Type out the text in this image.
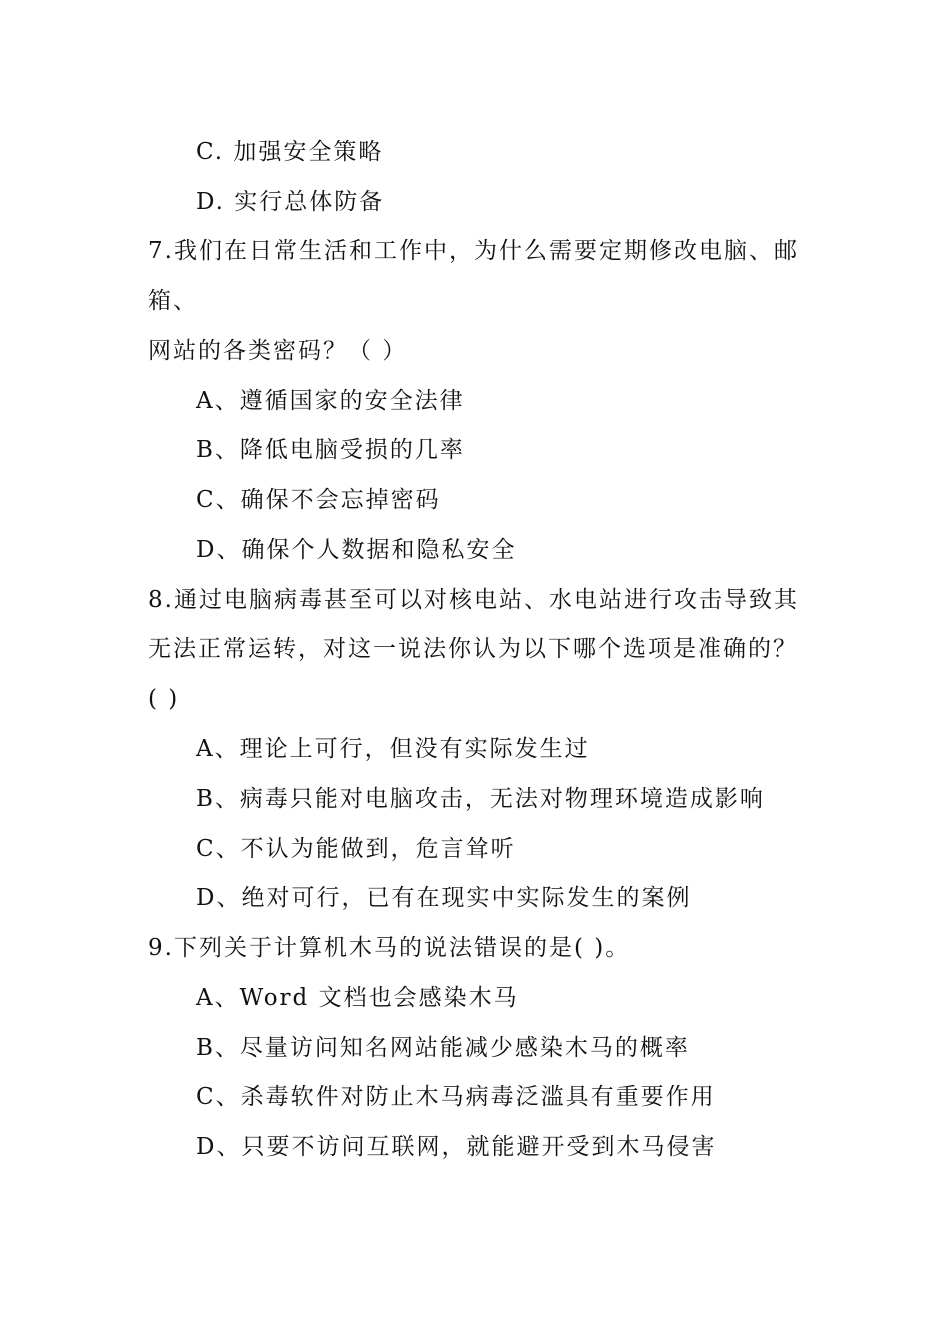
C. 加强安全策略
D. 实行总体防备
7.我们在日常生活和工作中，为什么需要定期修改电脑、邮
箱、
网站的各类密码？（ ）
A、遵循国家的安全法律
B、降低电脑受损的几率
C、确保不会忘掉密码
D、确保个人数据和隐私安全
8.通过电脑病毒甚至可以对核电站、水电站进行攻击导致其
无法正常运转，对这一说法你认为以下哪个选项是准确的？
( )
A、理论上可行，但没有实际发生过
B、病毒只能对电脑攻击，无法对物理环境造成影响
C、不认为能做到，危言耸听
D、绝对可行，已有在现实中实际发生的案例
9.下列关于计算机木马的说法错误的是( )。
A、Word 文档也会感染木马
B、尽量访问知名网站能减少感染木马的概率
C、杀毒软件对防止木马病毒泛滥具有重要作用
D、只要不访问互联网，就能避开受到木马侵害
